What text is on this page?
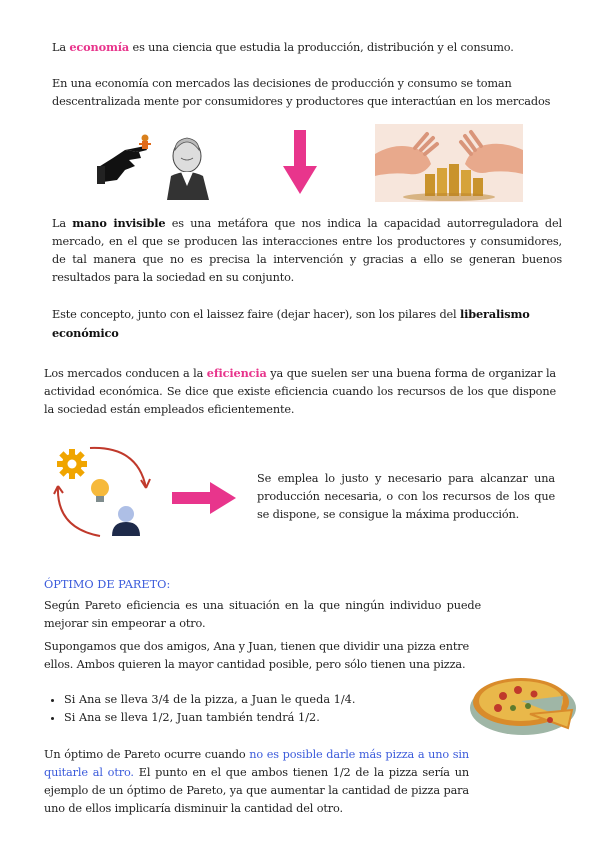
La economía es una ciencia que estudia la producción, distribución y el consumo.

En una economía con mercados las decisiones de producción y consumo se toman
descentralizada mente por consumidores y productores que interactúan en los mercados

La mano invisible es una metáfora que nos indica la capacidad autorreguladora del mercado, en el que se producen las interacciones entre los productores y consumidores, de tal manera que no es precisa la intervención y gracias a ello se generan buenos resultados para la sociedad en su conjunto.

Este concepto, junto con el laissez faire (dejar hacer), son los pilares del liberalismo económico

Los mercados conducen a la eficiencia ya que suelen ser una buena forma de organizar la actividad económica. Se dice que existe eficiencia cuando los recursos de los que dispone la sociedad están empleados eficientemente.

Se emplea lo justo y necesario para alcanzar una producción necesaria, o con los recursos de los que se dispone, se consigue la máxima producción.

ÓPTIMO DE PARETO:

Según Pareto eficiencia es una situación en la que ningún individuo puede mejorar sin empeorar a otro.

Supongamos que dos amigos, Ana y Juan, tienen que dividir una pizza entre ellos. Ambos quieren la mayor cantidad posible, pero sólo tienen una pizza.

• Si Ana se lleva 3/4 de la pizza, a Juan le queda 1/4.
• Si Ana se lleva 1/2, Juan también tendrá 1/2.

Un óptimo de Pareto ocurre cuando no es posible darle más pizza a uno sin quitarle al otro. El punto en el que ambos tienen 1/2 de la pizza sería un ejemplo de un óptimo de Pareto, ya que aumentar la cantidad de pizza para uno de ellos implicaría disminuir la cantidad del otro.
